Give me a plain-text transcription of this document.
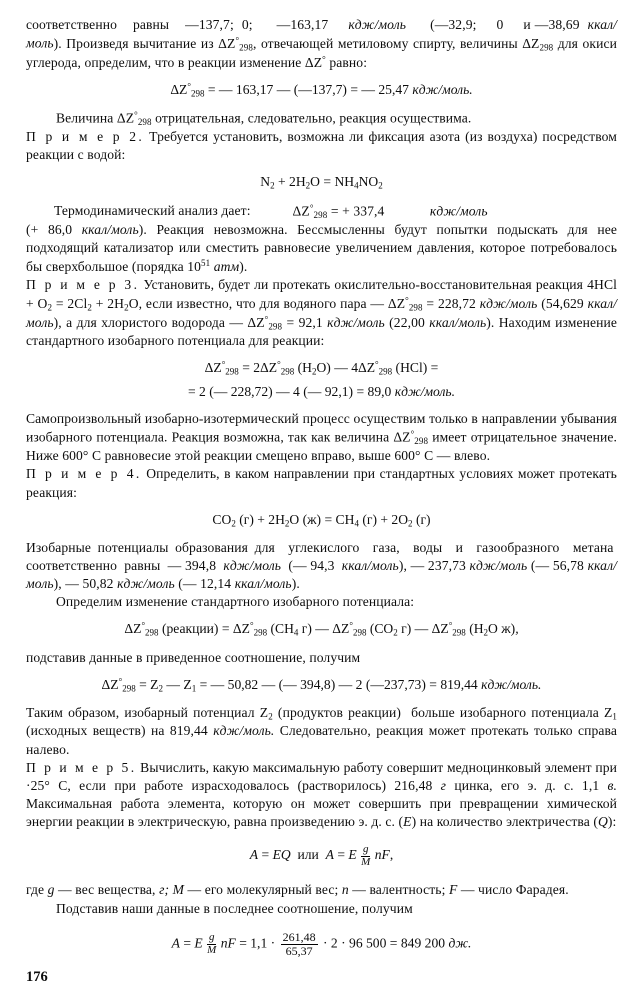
соответственно    равны    —137,7;  0;      —163,17     кдж/моль      (—32,9;     0     и —38,69  ккал/моль). Произведя вычитание из $\Delta Z^\circ_{298}$, отвечающей метиловому спирту, величины $\Delta Z_{298}$ для окиси углерода, определим, что в реакции изменение ΔZ° равно:

$\Delta Z^\circ_{298}$ = — 163,17 — (—137,7) = — 25,47 кдж/моль.

Величина $\Delta Z^\circ_{298}$ отрицательная, следовательно, реакция осуществима.

П р и м е р 2. Требуется установить, возможна ли фиксация азота (из воздуха) посредством реакции с водой:

$N_2 + 2H_2O = NH_4NO_2$

Термодинамический анализ дает:            $\Delta Z^\circ_{298}$ = + 337,4             кдж/моль
(+ 86,0 ккал/моль). Реакция невозможна. Бессмысленны будут попытки подыскать для нее подходящий катализатор или сместить равновесие увеличением давления, которое потребовалось бы сверхбольшое (порядка $10^{51}$ атм).

П р и м е р 3. Установить, будет ли протекать окислительно-восстановительная реакция $4HCl + O_2 = 2Cl_2 + 2H_2O$, если известно, что для водяного пара — $\Delta Z^\circ_{298} = 228,72$ кдж/моль (54,629 ккал/моль), а для хлористого водорода — $\Delta Z^\circ_{298} = 92,1$ кдж/моль (22,00 ккал/моль). Находим изменение стандартного изобарного потенциала для реакции:

$\Delta Z^\circ_{298} = 2\Delta Z^\circ_{298}$ $(H_2O)$ — $4\Delta Z^\circ_{298}$ (HCl) =
= 2 (— 228,72) — 4 (— 92,1) = 89,0 кдж/моль.

Самопроизвольный изобарно-изотермический процесс осуществим только в направлении убывания изобарного потенциала. Реакция возможна, так как величина $\Delta Z^\circ_{298}$ имеет отрицательное значение. Ниже 600° С равновесие этой реакции смещено вправо, выше 600° С — влево.

П р и м е р 4. Определить, в каком направлении при стандартных условиях может протекать реакция:

$CO_2$ $(г) + 2H_2O$ $(ж) = CH_4$ $(г) + 2O_2$ (г)

Изобарные потенциалы образования для  углекислого  газа,  воды  и  газообразного  метана  соответственно  равны  — 394,8  кдж/моль  (— 94,3  ккал/моль), — 237,73 кдж/моль (— 56,78 ккал/моль), — 50,82 кдж/моль (— 12,14 ккал/моль).

Определим изменение стандартного изобарного потенциала:

$\Delta Z^\circ_{298}$ (реакции) = $\Delta Z^\circ_{298}$ ($CH_4$ г) — $\Delta Z^\circ_{298}$ ($CO_2$ г) — $\Delta Z^\circ_{298}$ ($H_2O$ ж),

подставив данные в приведенное соотношение, получим

$\Delta Z^\circ_{298} = Z_2$ — $Z_1$ = — 50,82 — (— 394,8) — 2 (—237,73) = 819,44 кдж/моль.

Таким образом, изобарный потенциал $Z_2$ (продуктов реакции)  больше изобарного потенциала $Z_1$ (исходных веществ) на 819,44 кдж/моль. Следовательно, реакция может протекать только справа налево.

П р и м е р 5. Вычислить, какую максимальную работу совершит медноцинковый элемент при ·25° С, если при работе израсходовалось (растворилось) 216,48 г цинка, его э. д. с. 1,1 в. Максимальная работа элемента, которую он может совершить при превращении химической энергии реакции в электрическую, равна произведению э. д. с. (E) на количество электричества (Q):

A = EQ  или  A = E $\frac{g}{M}$ nF,

где g — вес вещества, г; M — его молекулярный вес; n — валентность; F — число Фарадея.

Подставив наши данные в последнее соотношение, получим

A = E $\frac{g}{M}$ nF = $1,1 \cdot \frac{261,48}{65,37} \cdot 2 \cdot 96$ 500 = 849 200 дж.
176
